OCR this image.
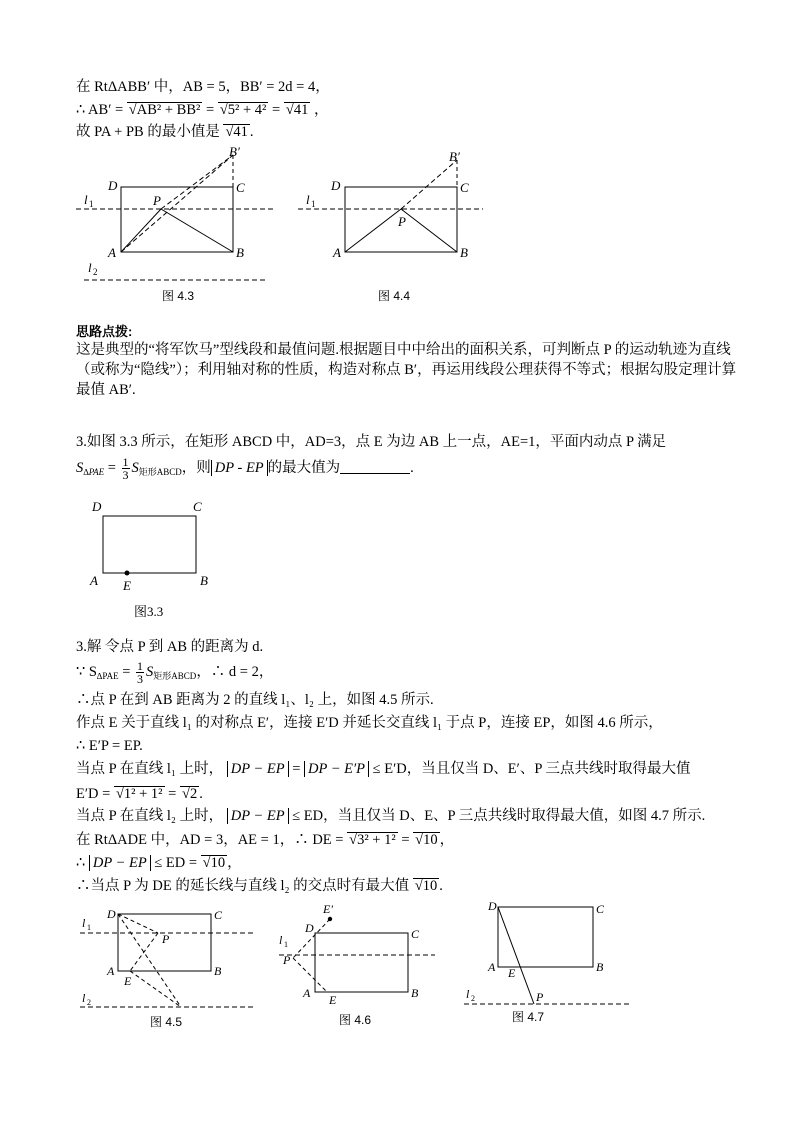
在 RtΔABB′ 中，AB = 5，BB′ = 2d = 4，
∴ AB′ = √AB² + BB² = √5² + 4² = √41 ，
故 PA + PB 的最小值是 √41 .
B′
D	C
P
A	B
l 1
l 2
图 4.3
B′
D	C
P
A	B
l 1
图 4.4
思路点拨:
这是典型的“将军饮马”型线段和最值问题.根据题目中中给出的面积关系，可判断点 P 的运动轨迹为直线
（或称为“隐线”）；利用轴对称的性质，构造对称点 B′，再运用线段公理获得不等式；根据勾股定理计算
最值 AB′.
3.如图 3.3 所示，在矩形 ABCD 中，AD=3，点 E 为边 AB 上一点，AE=1，平面内动点 P 满足
$S_{\Delta PAE} = \frac{1}{3} S_{矩形ABCD}$，则 DP - EP 的最大值为	.
D	C
A E	B
图3.3
3.解 令点 P 到 AB 的距离为 d.
∵ $S_{\Delta PAE} = \frac{1}{3} S_{矩形ABCD}$，∴ d = 2，
∴点 P 在到 AB 距离为 2 的直线 l₁、l₂ 上，如图 4.5 所示.
作点 E 关于直线 l₁ 的对称点 E′，连接 E′D 并延长交直线 l₁ 于点 P，连接 EP，如图 4.6 所示，
∴ E′P = EP.
当点 P 在直线 l₁ 上时， DP − EP = DP − E′P ≤ E′D，当且仅当 D、E′、P 三点共线时取得最大值
E′D = √1² + 1² = √2 .
当点 P 在直线 l₂ 上时， DP − EP ≤ ED，当且仅当 D、E、P 三点共线时取得最大值，如图 4.7 所示.
在 RtΔADE 中，AD = 3，AE = 1，∴ DE = √3² + 1² = √10 ，
∴ DP − EP ≤ ED = √10 ，
∴当点 P 为 DE 的延长线与直线 l₂ 的交点时有最大值 √10 .
D	C
P
A
E
B
l 1
l 2
图 4.5
E′
D	C
P
A E	B
l 1
图 4.6
D	C
A E	B
P
l 2
图 4.7
